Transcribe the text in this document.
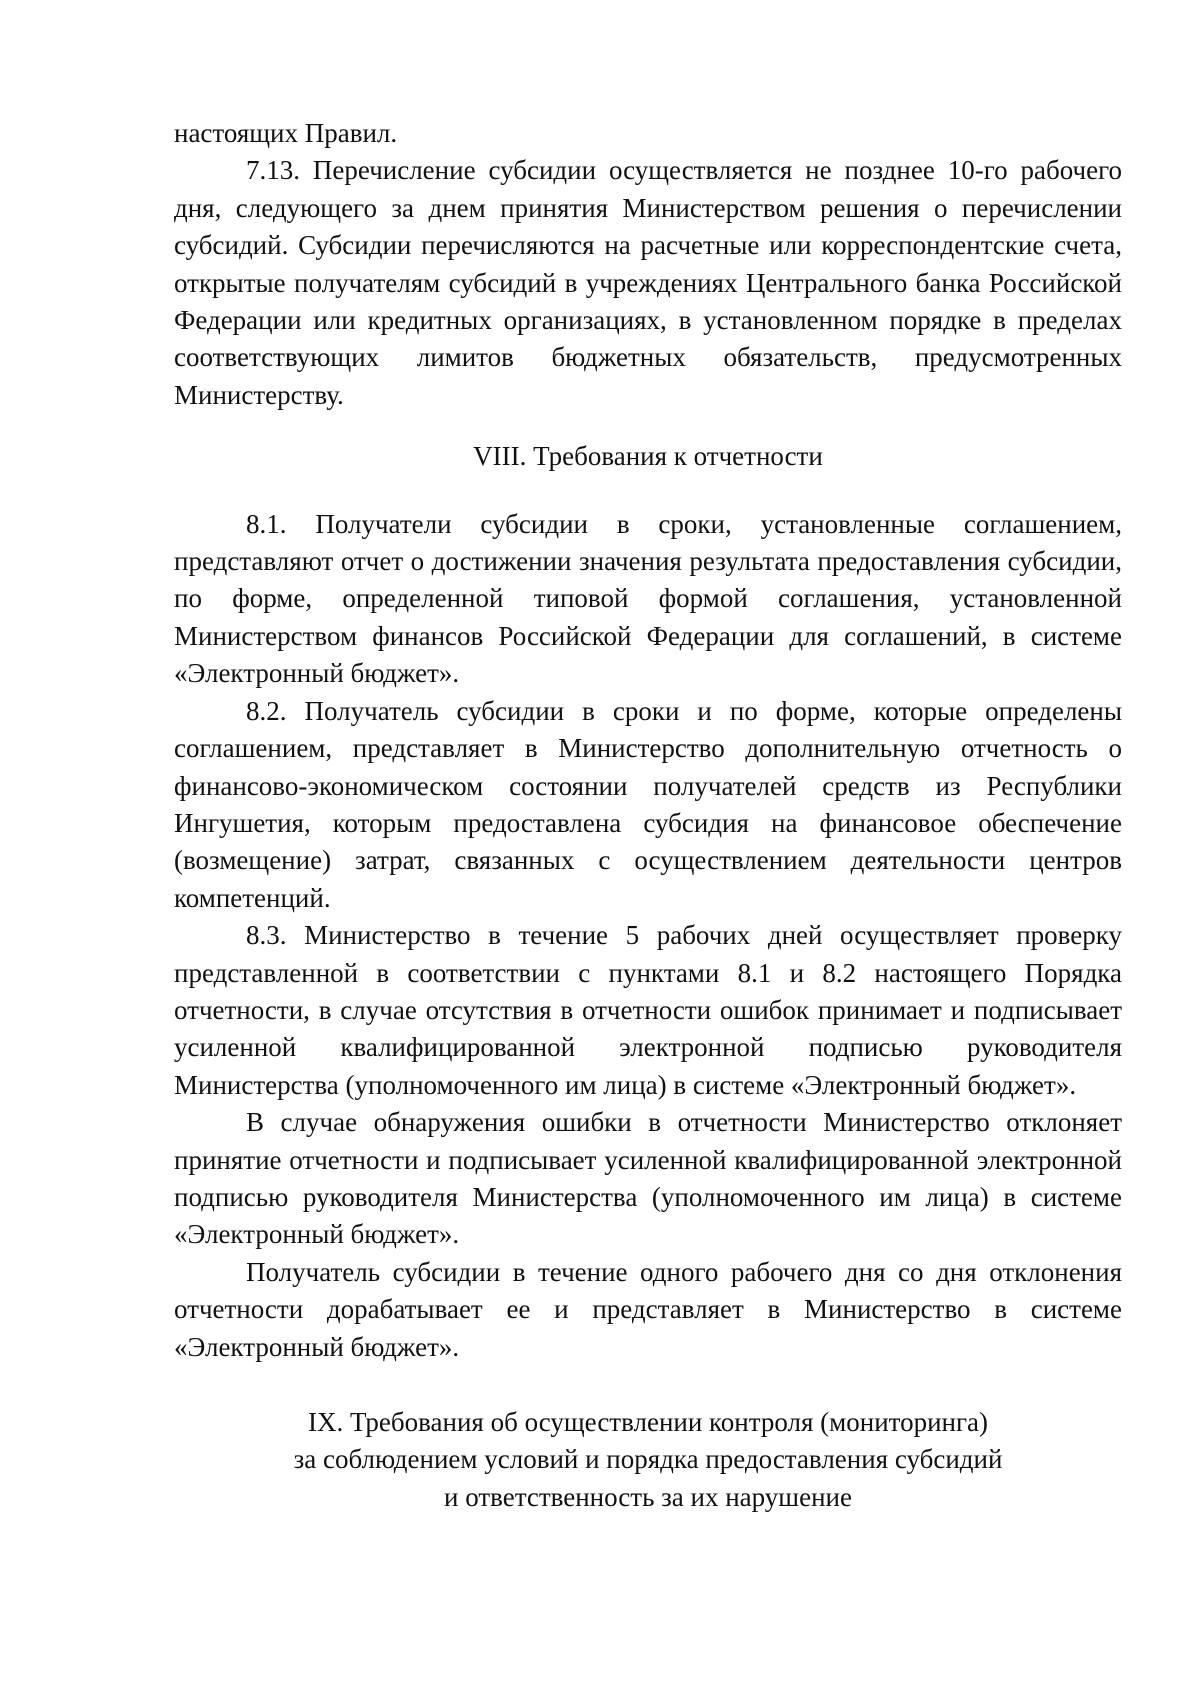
настоящих Правил.

7.13. Перечисление субсидии осуществляется не позднее 10-го рабочего дня, следующего за днем принятия Министерством решения о перечислении субсидий. Субсидии перечисляются на расчетные или корреспондентские счета, открытые получателям субсидий в учреждениях Центрального банка Российской Федерации или кредитных организациях, в установленном порядке в пределах соответствующих лимитов бюджетных обязательств, предусмотренных Министерству.

VIII. Требования к отчетности

8.1. Получатели субсидии в сроки, установленные соглашением, представляют отчет о достижении значения результата предоставления субсидии, по форме, определенной типовой формой соглашения, установленной Министерством финансов Российской Федерации для соглашений, в системе «Электронный бюджет».

8.2. Получатель субсидии в сроки и по форме, которые определены соглашением, представляет в Министерство дополнительную отчетность о финансово-экономическом состоянии получателей средств из Республики Ингушетия, которым предоставлена субсидия на финансовое обеспечение (возмещение) затрат, связанных с осуществлением деятельности центров компетенций.

8.3. Министерство в течение 5 рабочих дней осуществляет проверку представленной в соответствии с пунктами 8.1 и 8.2 настоящего Порядка отчетности, в случае отсутствия в отчетности ошибок принимает и подписывает усиленной квалифицированной электронной подписью руководителя Министерства (уполномоченного им лица) в системе «Электронный бюджет».

В случае обнаружения ошибки в отчетности Министерство отклоняет принятие отчетности и подписывает усиленной квалифицированной электронной подписью руководителя Министерства (уполномоченного им лица) в системе «Электронный бюджет».

Получатель субсидии в течение одного рабочего дня со дня отклонения отчетности дорабатывает ее и представляет в Министерство в системе «Электронный бюджет».

IX. Требования об осуществлении контроля (мониторинга)
за соблюдением условий и порядка предоставления субсидий
и ответственность за их нарушение
